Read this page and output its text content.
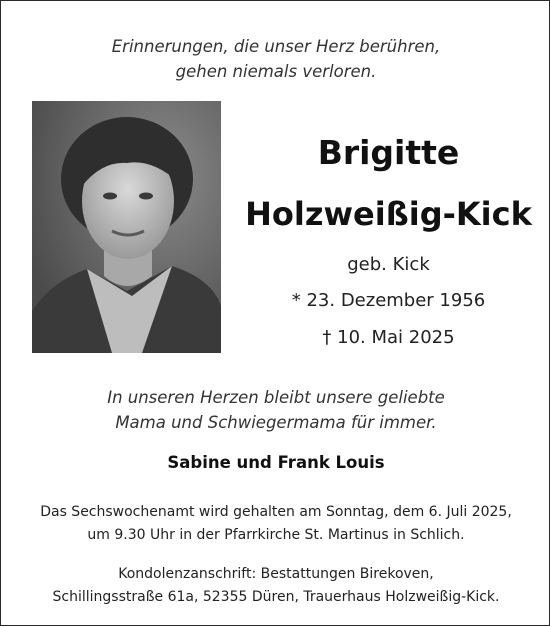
Erinnerungen, die unser Herz berühren,
gehen niemals verloren.
Brigitte
Holzweißig-Kick
geb. Kick
* 23. Dezember 1956
† 10. Mai 2025
In unseren Herzen bleibt unsere geliebte
Mama und Schwiegermama für immer.
Sabine und Frank Louis
Das Sechswochenamt wird gehalten am Sonntag, dem 6. Juli 2025,
um 9.30 Uhr in der Pfarrkirche St. Martinus in Schlich.
Kondolenzanschrift: Bestattungen Birekoven,
Schillingsstraße 61a, 52355 Düren, Trauerhaus Holzweißig-Kick.
